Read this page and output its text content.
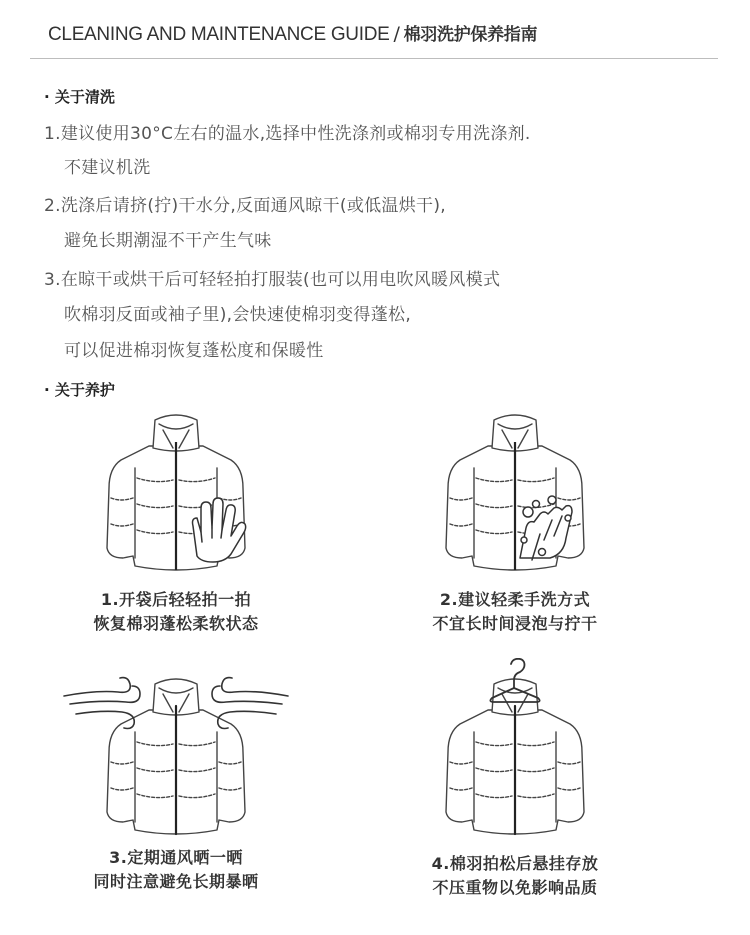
CLEANING AND MAINTENANCE GUIDE / 棉羽洗护保养指南
· 关于清洗
1.建议使用30°C左右的温水,选择中性洗涤剂或棉羽专用洗涤剂.
不建议机洗
2.洗涤后请挤(拧)干水分,反面通风晾干(或低温烘干),
避免长期潮湿不干产生气味
3.在晾干或烘干后可轻轻拍打服装(也可以用电吹风暖风模式
吹棉羽反面或袖子里),会快速使棉羽变得蓬松,
可以促进棉羽恢复蓬松度和保暖性
· 关于养护
1.开袋后轻轻拍一拍
恢复棉羽蓬松柔软状态
2.建议轻柔手洗方式
不宜长时间浸泡与拧干
3.定期通风晒一晒
同时注意避免长期暴晒
4.棉羽拍松后悬挂存放
不压重物以免影响品质
